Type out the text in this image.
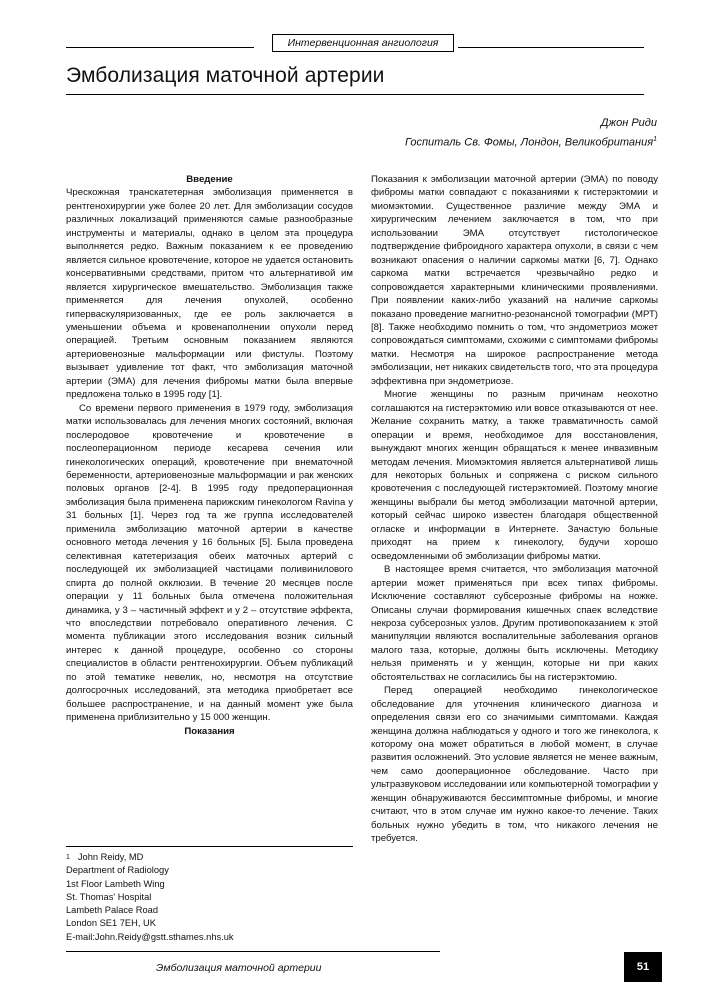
Интервенционная ангиология
Эмболизация маточной артерии
Джон Риди
Госпиталь Св. Фомы, Лондон, Великобритания$^1$

Введение

Чрескожная транскатетерная эмболизация применяется в рентгенохирургии уже более 20 лет. Для эмболизации сосудов различных локализаций применяются самые разнообразные инструменты и материалы, однако в целом эта процедура выполняется редко. Важным показанием к ее проведению является сильное кровотечение, которое не удается остановить консервативными средствами, притом что альтернативой им является хирургическое вмешательство. Эмболизация также применяется для лечения опухолей, особенно гиперваскуляризованных, где ее роль заключается в уменьшении объема и кровенаполнении опухоли перед операцией. Третьим основным показанием являются артериовенозные мальформации или фистулы. Поэтому вызывает удивление тот факт, что эмболизация маточной артерии (ЭМА) для лечения фибромы матки была впервые предложена только в 1995 году [1].

Со времени первого применения в 1979 году, эмболизация матки использовалась для лечения многих состояний, включая послеродовое кровотечение и кровотечение в послеоперационном периоде кесарева сечения или гинекологических операций, кровотечение при внематочной беременности, артериовенозные мальформации и рак женских половых органов [2-4]. В 1995 году предоперационная эмболизация была применена парижским гинекологом Ravina у 31 больных [1]. Через год та же группа исследователей применила эмболизацию маточной артерии в качестве основного метода лечения у 16 больных [5]. Была проведена селективная катетеризация обеих маточных артерий с последующей их эмболизацией частицами поливинилового спирта до полной окклюзии. В течение 20 месяцев после операции у 11 больных была отмечена положительная динамика, у 3 – частичный эффект и у 2 – отсутствие эффекта, что впоследствии потребовало оперативного лечения. С момента публикации этого исследования возник сильный интерес к данной процедуре, особенно со стороны специалистов в области рентгенохирургии. Объем публикаций по этой тематике невелик, но, несмотря на отсутствие долгосрочных исследований, эта методика приобретает все большее распространение, и на данный момент уже была применена приблизительно у 15 000 женщин.

Показания

$^1$ John Reidy, MD
Department of Radiology
1st Floor Lambeth Wing
St. Thomas' Hospital
Lambeth Palace Road
London SE1 7EH, UK
E-mail:John.Reidy@gstt.sthames.nhs.uk

Показания к эмболизации маточной артерии (ЭМА) по поводу фибромы матки совпадают с показаниями к гистерэктомии и миомэктомии. Существенное различие между ЭМА и хирургическим лечением заключается в том, что при использовании ЭМА отсутствует гистологическое подтверждение фиброидного характера опухоли, в связи с чем возникают опасения о наличии саркомы матки [6, 7]. Однако саркома матки встречается чрезвычайно редко и сопровождается характерными клиническими проявлениями. При появлении каких-либо указаний на наличие саркомы показано проведение магнитно-резонансной томографии (МРТ) [8]. Также необходимо помнить о том, что эндометриоз может сопровождаться симптомами, схожими с симптомами фибромы матки. Несмотря на широкое распространение метода эмболизации, нет никаких свидетельств того, что эта процедура эффективна при эндометриозе.

Многие женщины по разным причинам неохотно соглашаются на гистерэктомию или вовсе отказываются от нее. Желание сохранить матку, а также травматичность самой операции и время, необходимое для восстановления, вынуждают многих женщин обращаться к менее инвазивным методам лечения. Миомэктомия является альтернативой лишь для некоторых больных и сопряжена с риском сильного кровотечения с последующей гистерэктомией. Поэтому многие женщины выбрали бы метод эмболизации маточной артерии, который сейчас широко известен благодаря общественной огласке и информации в Интернете. Зачастую больные приходят на прием к гинекологу, будучи хорошо осведомленными об эмболизации фибромы матки.

В настоящее время считается, что эмболизация маточной артерии может применяться при всех типах фибромы. Исключение составляют субсерозные фибромы на ножке. Описаны случаи формирования кишечных спаек вследствие некроза субсерозных узлов. Другим противопоказанием к этой манипуляции являются воспалительные заболевания органов малого таза, которые, должны быть исключены. Методику нельзя применять и у женщин, которые ни при каких обстоятельствах не согласились бы на гистерэктомию.

Перед операцией необходимо гинекологическое обследование для уточнения клинического диагноза и определения связи его со значимыми симптомами. Каждая женщина должна наблюдаться у одного и того же гинеколога, к которому она может обратиться в любой момент, в случае развития осложнений. Это условие является не менее важным, чем само дооперационное обследование. Часто при ультразвуковом исследовании или компьютерной томографии у женщин обнаруживаются бессимптомные фибромы, и многие считают, что в этом случае им нужно какое-то лечение. Таких больных нужно убедить в том, что никакого лечения не требуется.

Эмболизация маточной артерии	51
